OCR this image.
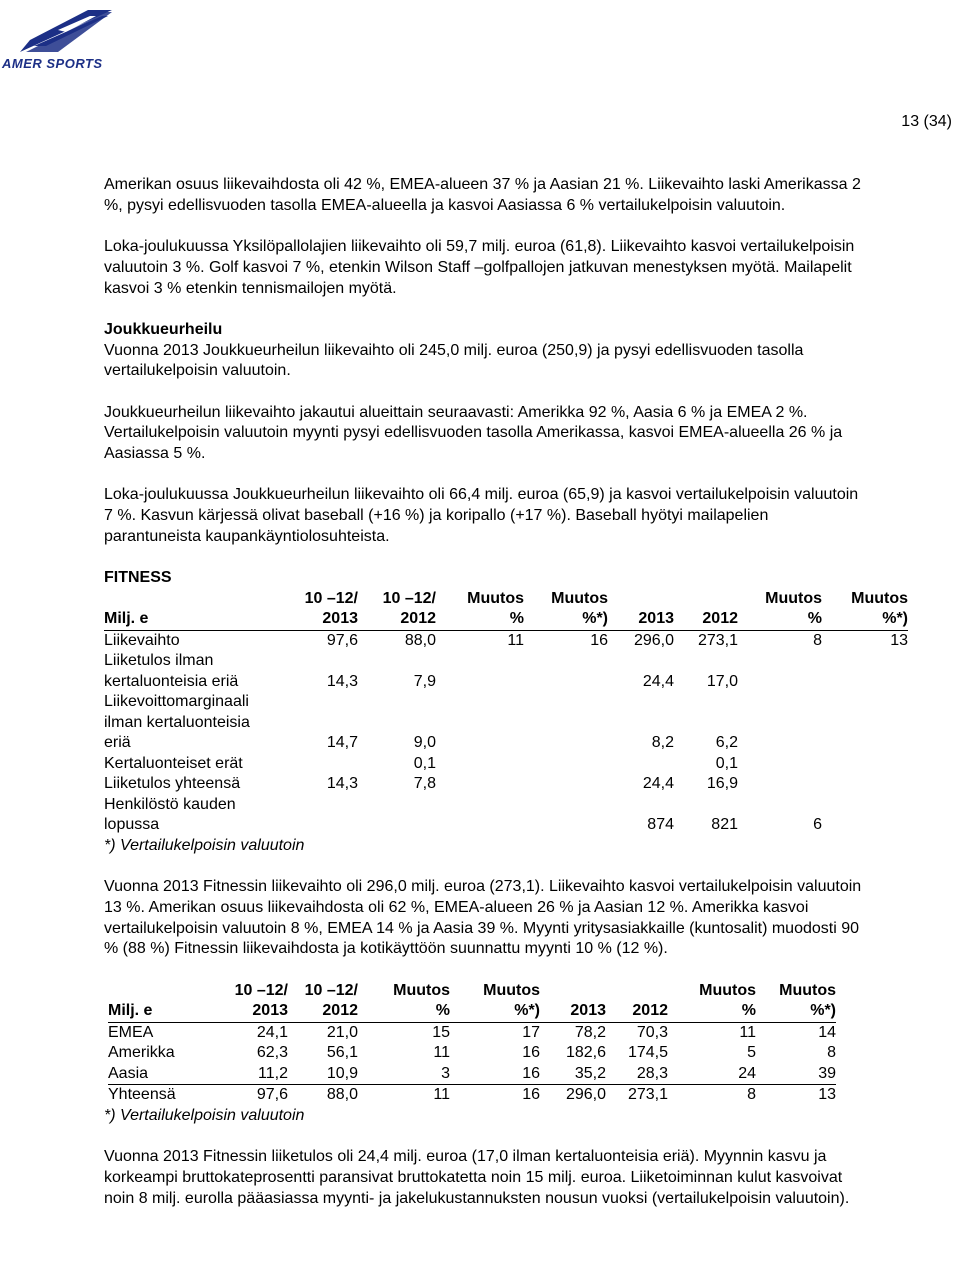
AMER SPORTS
13 (34)

Amerikan osuus liikevaihdosta oli 42 %, EMEA-alueen 37 % ja Aasian 21 %. Liikevaihto laski Amerikassa 2 %, pysyi edellisvuoden tasolla EMEA-alueella ja kasvoi Aasiassa 6 % vertailukelpoisin valuutoin.

Loka-joulukuussa Yksilöpallolajien liikevaihto oli 59,7 milj. euroa (61,8). Liikevaihto kasvoi vertailukelpoisin valuutoin 3 %. Golf kasvoi 7 %, etenkin Wilson Staff –golfpallojen jatkuvan menestyksen myötä. Mailapelit kasvoi 3 % etenkin tennismailojen myötä.

Joukkueurheilu

Vuonna 2013 Joukkueurheilun liikevaihto oli 245,0 milj. euroa (250,9) ja pysyi edellisvuoden tasolla vertailukelpoisin valuutoin.

Joukkueurheilun liikevaihto jakautui alueittain seuraavasti: Amerikka 92 %, Aasia 6 % ja EMEA 2 %. Vertailukelpoisin valuutoin myynti pysyi edellisvuoden tasolla Amerikassa, kasvoi EMEA-alueella 26 % ja Aasiassa 5 %.

Loka-joulukuussa Joukkueurheilun liikevaihto oli 66,4 milj. euroa (65,9) ja kasvoi vertailukelpoisin valuutoin 7 %. Kasvun kärjessä olivat baseball (+16 %) ja koripallo (+17 %). Baseball hyötyi mailapelien parantuneista kaupankäyntiolosuhteista.

FITNESS

	10 –12/	10 –12/	Muutos	Muutos			Muutos	Muutos
Milj. e	2013	2012	%	%*)	2013	2012	%	%*)
Liikevaihto	97,6	88,0	11	16	296,0	273,1	8	13
Liiketulos ilman								
kertaluonteisia eriä	14,3	7,9			24,4	17,0		
Liikevoittomarginaali								
ilman kertaluonteisia								
eriä	14,7	9,0			8,2	6,2		
Kertaluonteiset erät		0,1				0,1		
Liiketulos yhteensä	14,3	7,8			24,4	16,9		
Henkilöstö kauden								
lopussa					874	821	6	

*) Vertailukelpoisin valuutoin

Vuonna 2013 Fitnessin liikevaihto oli 296,0 milj. euroa (273,1). Liikevaihto kasvoi vertailukelpoisin valuutoin 13 %. Amerikan osuus liikevaihdosta oli 62 %, EMEA-alueen 26 % ja Aasian 12 %. Amerikka kasvoi vertailukelpoisin valuutoin 8 %, EMEA 14 % ja Aasia 39 %. Myynti yritysasiakkaille (kuntosalit) muodosti 90 % (88 %) Fitnessin liikevaihdosta ja kotikäyttöön suunnattu myynti 10 % (12 %).

	10 –12/	10 –12/	Muutos	Muutos			Muutos	Muutos
Milj. e	2013	2012	%	%*)	2013	2012	%	%*)
EMEA	24,1	21,0	15	17	78,2	70,3	11	14
Amerikka	62,3	56,1	11	16	182,6	174,5	5	8
Aasia	11,2	10,9	3	16	35,2	28,3	24	39
Yhteensä	97,6	88,0	11	16	296,0	273,1	8	13

*) Vertailukelpoisin valuutoin

Vuonna 2013 Fitnessin liiketulos oli 24,4 milj. euroa (17,0 ilman kertaluonteisia eriä). Myynnin kasvu ja korkeampi bruttokateprosentti paransivat bruttokatetta noin 15 milj. euroa. Liiketoiminnan kulut kasvoivat noin 8 milj. eurolla pääasiassa myynti- ja jakelukustannuksten nousun vuoksi (vertailukelpoisin valuutoin).
